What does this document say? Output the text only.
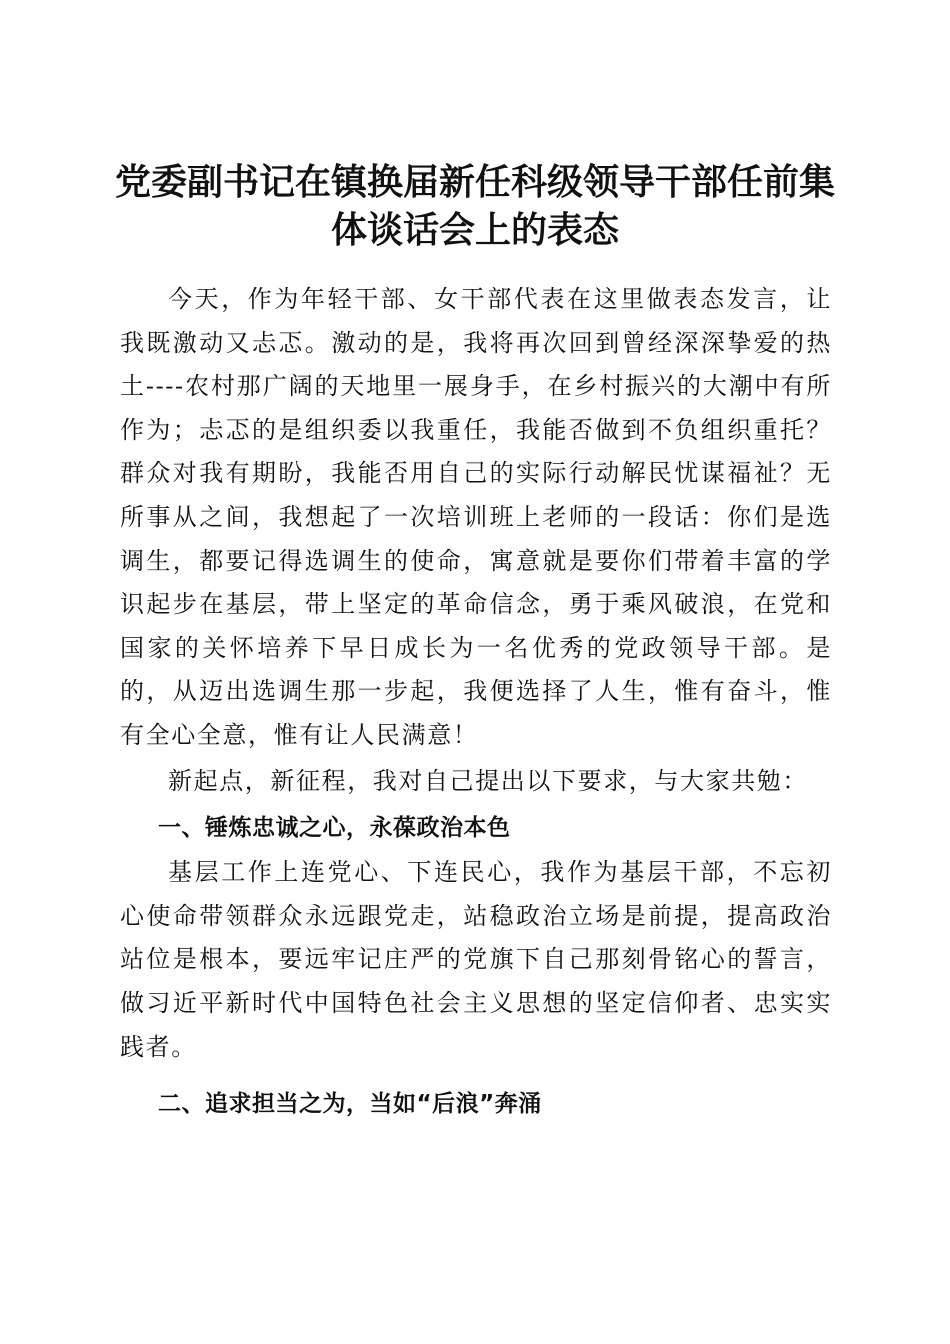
党委副书记在镇换届新任科级领导干部任前集
体谈话会上的表态

今天，作为年轻干部、女干部代表在这里做表态发言，让我既激动又忐忑。激动的是，我将再次回到曾经深深挚爱的热土----农村那广阔的天地里一展身手，在乡村振兴的大潮中有所作为；忐忑的是组织委以我重任，我能否做到不负组织重托？群众对我有期盼，我能否用自己的实际行动解民忧谋福祉？无所事从之间，我想起了一次培训班上老师的一段话：你们是选调生，都要记得选调生的使命，寓意就是要你们带着丰富的学识起步在基层，带上坚定的革命信念，勇于乘风破浪，在党和国家的关怀培养下早日成长为一名优秀的党政领导干部。是的，从迈出选调生那一步起，我便选择了人生，惟有奋斗，惟有全心全意，惟有让人民满意！

新起点，新征程，我对自己提出以下要求，与大家共勉：

一、锤炼忠诚之心，永葆政治本色

基层工作上连党心、下连民心，我作为基层干部，不忘初心使命带领群众永远跟党走，站稳政治立场是前提，提高政治站位是根本，要远牢记庄严的党旗下自己那刻骨铭心的誓言，做习近平新时代中国特色社会主义思想的坚定信仰者、忠实实践者。

二、追求担当之为，当如“后浪”奔涌
